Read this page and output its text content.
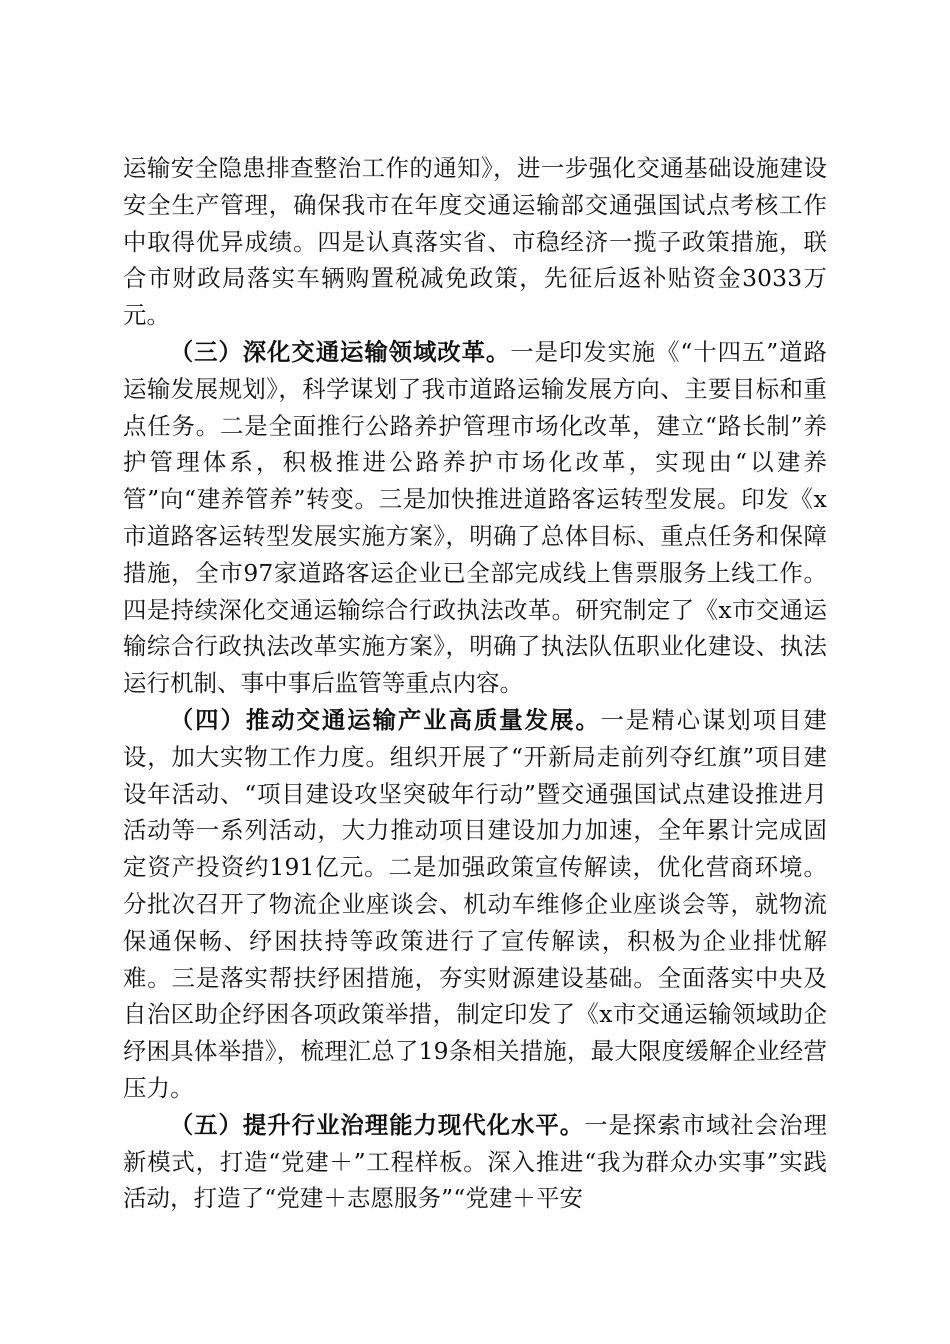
运输安全隐患排查整治工作的通知》，进一步强化交通基础设施建设安全生产管理，确保我市在年度交通运输部交通强国试点考核工作中取得优异成绩。四是认真落实省、市稳经济一揽子政策措施，联合市财政局落实车辆购置税减免政策，先征后返补贴资金3033万元。

（三）深化交通运输领域改革。一是印发实施《“十四五”道路运输发展规划》，科学谋划了我市道路运输发展方向、主要目标和重点任务。二是全面推行公路养护管理市场化改革，建立“路长制”养护管理体系，积极推进公路养护市场化改革，实现由“以建养管”向“建养管养”转变。三是加快推进道路客运转型发展。印发《x市道路客运转型发展实施方案》，明确了总体目标、重点任务和保障措施，全市97家道路客运企业已全部完成线上售票服务上线工作。四是持续深化交通运输综合行政执法改革。研究制定了《x市交通运输综合行政执法改革实施方案》，明确了执法队伍职业化建设、执法运行机制、事中事后监管等重点内容。

（四）推动交通运输产业高质量发展。一是精心谋划项目建设，加大实物工作力度。组织开展了“开新局走前列夺红旗”项目建设年活动、“项目建设攻坚突破年行动”暨交通强国试点建设推进月活动等一系列活动，大力推动项目建设加力加速，全年累计完成固定资产投资约191亿元。二是加强政策宣传解读，优化营商环境。分批次召开了物流企业座谈会、机动车维修企业座谈会等，就物流保通保畅、纾困扶持等政策进行了宣传解读，积极为企业排忧解难。三是落实帮扶纾困措施，夯实财源建设基础。全面落实中央及自治区助企纾困各项政策举措，制定印发了《x市交通运输领域助企纾困具体举措》，梳理汇总了19条相关措施，最大限度缓解企业经营压力。

（五）提升行业治理能力现代化水平。一是探索市域社会治理新模式，打造“党建＋”工程样板。深入推进“我为群众办实事”实践活动，打造了“党建＋志愿服务”“党建＋平安
